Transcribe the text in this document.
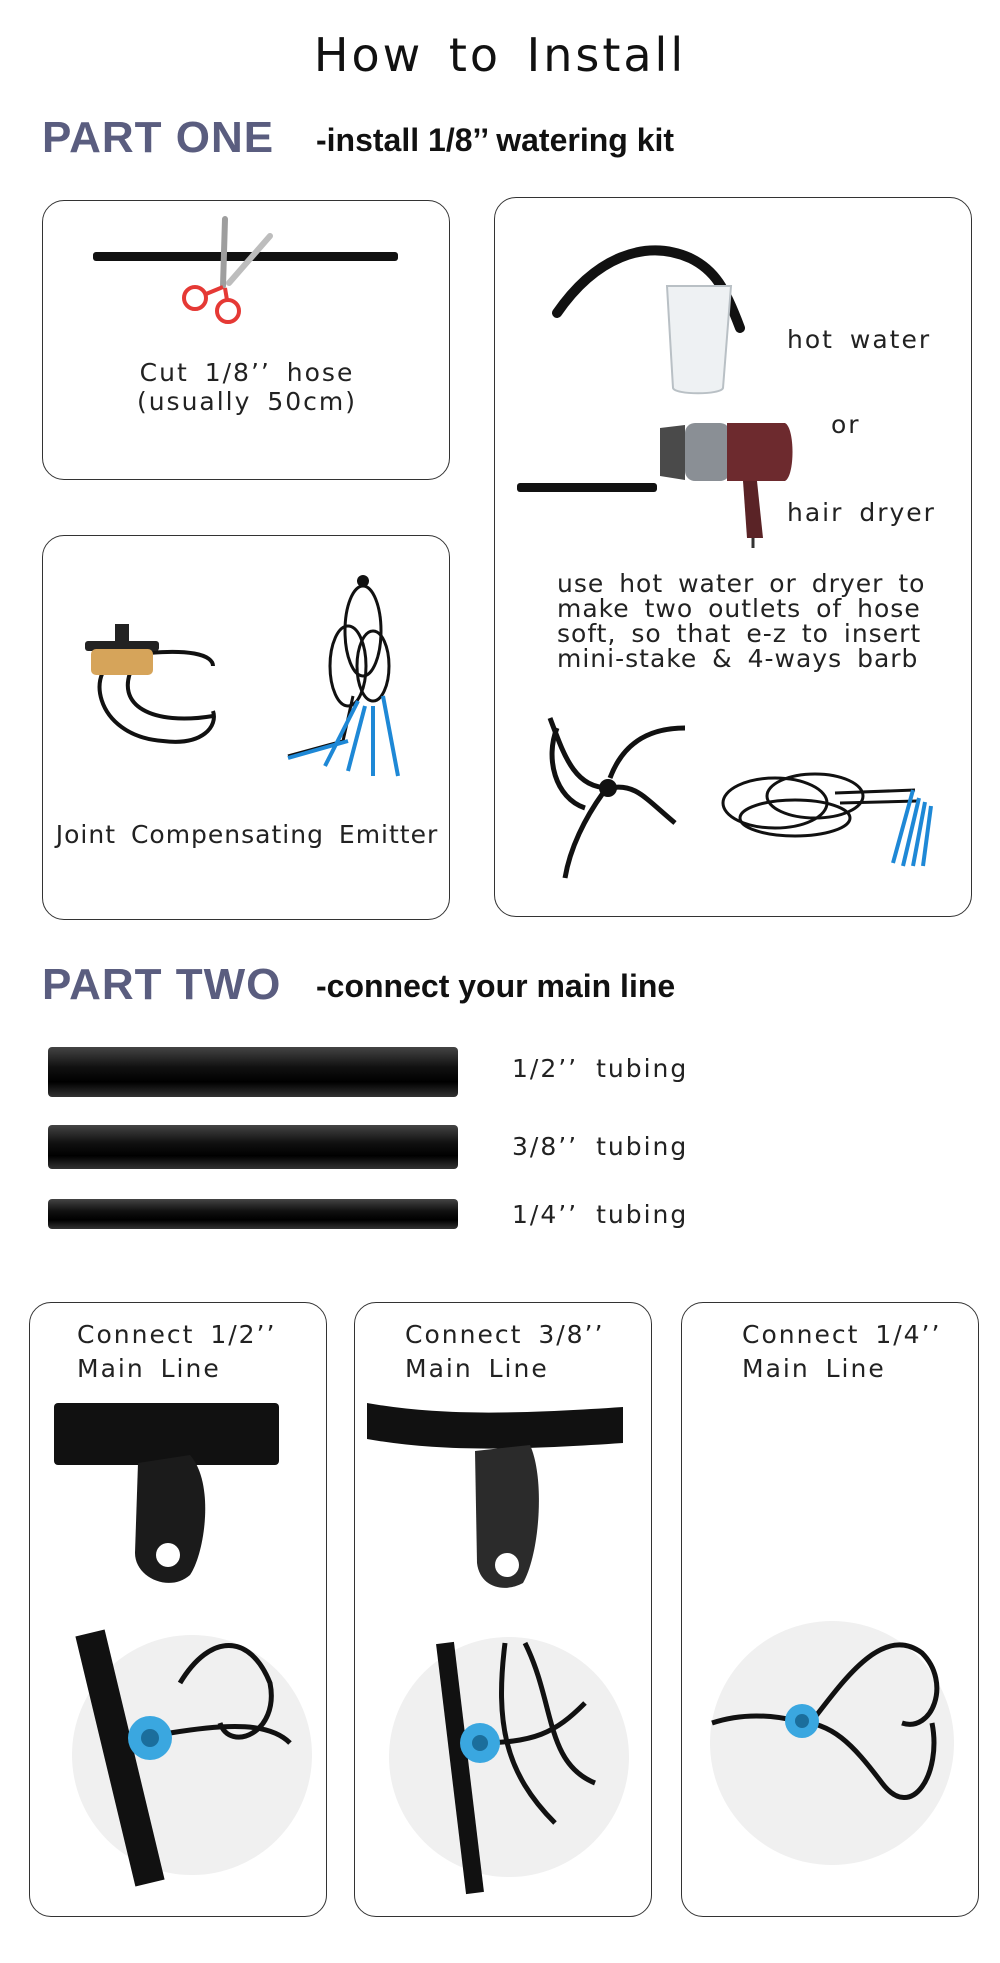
How to Install
PART ONE -install 1/8’’ watering kit
Cut 1/8’’ hose
(usually 50cm)
Joint Compensating Emitter
hot water
or
hair dryer
use hot water or dryer to
make two outlets of hose
soft, so that e-z to insert
mini-stake & 4-ways barb
PART TWO -connect your main line
1/2’’ tubing
3/8’’ tubing
1/4’’ tubing
Connect 1/2’’
Main Line
Connect 3/8’’
Main Line
Connect 1/4’’
Main Line
